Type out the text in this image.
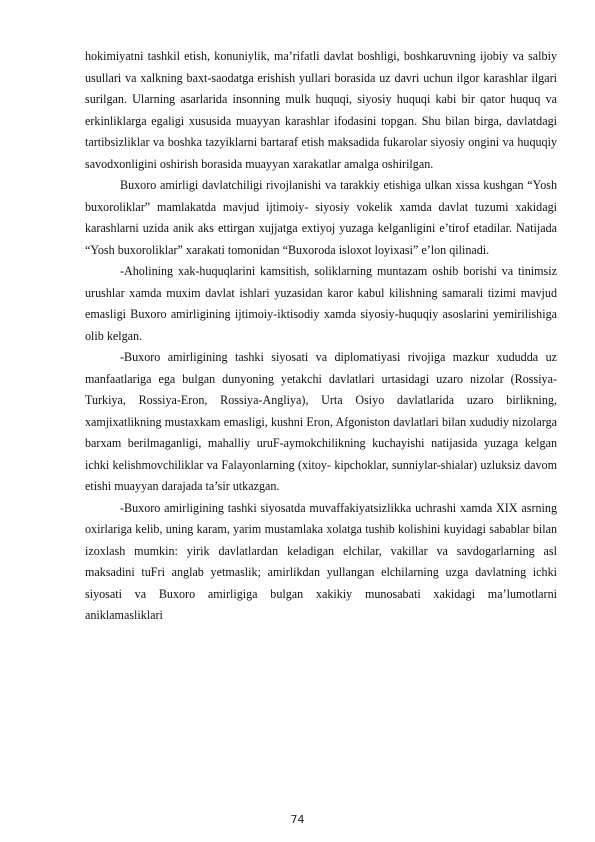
hokimiyatni tashkil etish, konuniylik, ma’rifatli davlat boshligi, boshkaruvning ijobiy va salbiy usullari va xalkning baxt-saodatga erishish yullari borasida uz davri uchun ilgor karashlar ilgari surilgan. Ularning asarlarida insonning mulk huquqi, siyosiy huquqi kabi bir qator huquq va erkinliklarga egaligi xususida muayyan karashlar ifodasini topgan. Shu bilan birga, davlatdagi tartibsizliklar va boshka tazyiklarni bartaraf etish maksadida fukarolar siyosiy ongini va huquqiy savodxonligini oshirish borasida muayyan xarakatlar amalga oshirilgan.

Buxoro amirligi davlatchiligi rivojlanishi va tarakkiy etishiga ulkan xissa kushgan “Yosh buxoroliklar” mamlakatda mavjud ijtimoiy- siyosiy vokelik xamda davlat tuzumi xakidagi karashlarni uzida anik aks ettirgan xujjatga extiyoj yuzaga kelganligini e’tirof etadilar. Natijada “Yosh buxoroliklar” xarakati tomonidan “Buxoroda isloxot loyixasi” e’lon qilinadi.

-Aholining xak-huquqlarini kamsitish, soliklarning muntazam oshib borishi va tinimsiz urushlar xamda muxim davlat ishlari yuzasidan karor kabul kilishning samarali tizimi mavjud emasligi Buxoro amirligining ijtimoiy-iktisodiy xamda siyosiy-huquqiy asoslarini yemirilishiga olib kelgan.

-Buxoro amirligining tashki siyosati va diplomatiyasi rivojiga mazkur xududda uz manfaatlariga ega bulgan dunyoning yetakchi davlatlari urtasidagi uzaro nizolar (Rossiya-Turkiya, Rossiya-Eron, Rossiya-Angliya), Urta Osiyo davlatlarida uzaro birlikning, xamjixatlikning mustaxkam emasligi, kushni Eron, Afgoniston davlatlari bilan xududiy nizolarga barxam berilmaganligi, mahalliy uruF-aymokchilikning kuchayishi natijasida yuzaga kelgan ichki kelishmovchiliklar va Falayonlarning (xitoy- kipchoklar, sunniylar-shialar) uzluksiz davom etishi muayyan darajada ta’sir utkazgan.

-Buxoro amirligining tashki siyosatda muvaffakiyatsizlikka uchrashi xamda XIX asrning oxirlariga kelib, uning karam, yarim mustamlaka xolatga tushib kolishini kuyidagi sabablar bilan izoxlash mumkin: yirik davlatlardan keladigan elchilar, vakillar va savdogarlarning asl maksadini tuFri anglab yetmaslik; amirlikdan yullangan elchilarning uzga davlatning ichki siyosati va Buxoro amirligiga bulgan xakikiy munosabati xakidagi ma’lumotlarni aniklamasliklari

74
